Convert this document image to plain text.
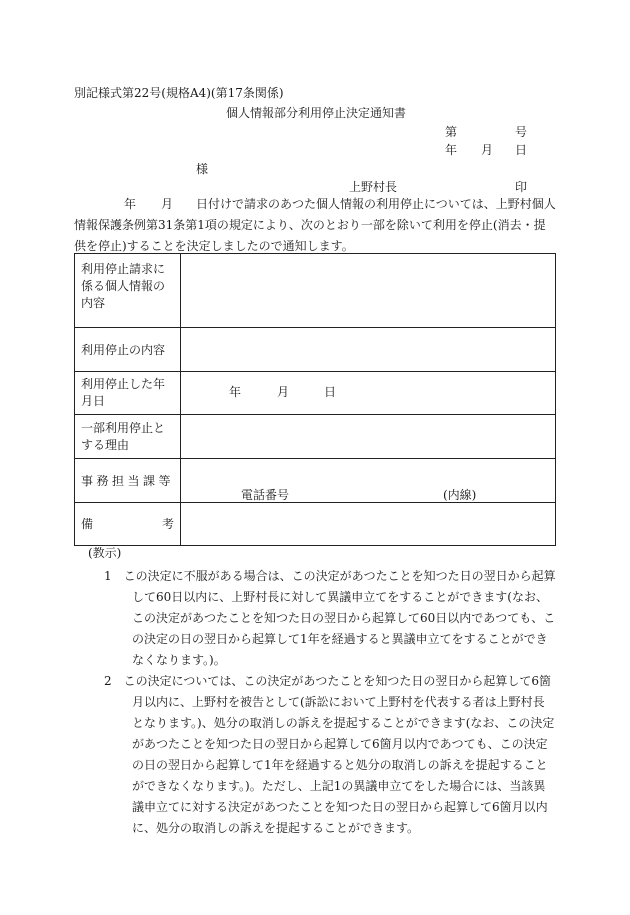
別記様式第22号(規格A4)(第17条関係)
個人情報部分利用停止決定通知書
第	号
年 月 日
様
上野村長	印
年 月	日付けで請求のあつた個人情報の利用停止については、上野村個人情報保護条例第31条第1項の規定により、次のとおり一部を除いて利用を停止(消去・提供を停止)することを決定しましたので通知します。

利用停止請求に係る個人情報の内容	
利用停止の内容	
利用停止した年月日	年 月 日

一部利用停止とする理由	
事務担当課等	電話番号 (内線)

備 考	

(教示)

1　この決定に不服がある場合は、この決定があつたことを知つた日の翌日から起算して60日以内に、上野村長に対して異議申立てをすることができます(なお、この決定があつたことを知つた日の翌日から起算して60日以内であつても、この決定の日の翌日から起算して1年を経過すると異議申立てをすることができなくなります。)。

2　この決定については、この決定があつたことを知つた日の翌日から起算して6箇月以内に、上野村を被告として(訴訟において上野村を代表する者は上野村長となります。)、処分の取消しの訴えを提起することができます(なお、この決定があつたことを知つた日の翌日から起算して6箇月以内であつても、この決定の日の翌日から起算して1年を経過すると処分の取消しの訴えを提起することができなくなります。)。ただし、上記1の異議申立てをした場合には、当該異議申立てに対する決定があつたことを知つた日の翌日から起算して6箇月以内に、処分の取消しの訴えを提起することができます。
